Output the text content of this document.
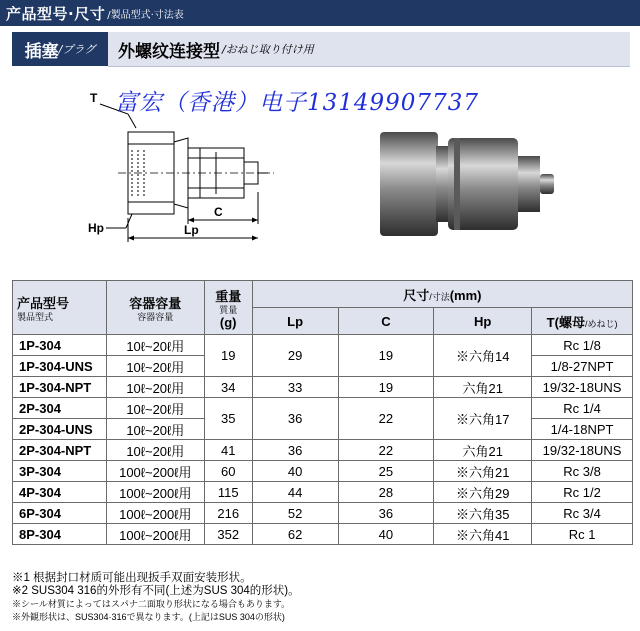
产品型号·尺寸 /製品型式·寸法表
插塞 /プラグ 外螺纹连接型 /おねじ取り付け用
T
C
Lp
Hp
富宏（香港）电子13149907737
产品型号
製品型式	容器容量
容器容量	重量
質量
(g)	尺寸/寸法(mm)			
			Lp	C	Hp	T(螺母/めねじ)
1P-304	10ℓ~20ℓ用	19	29	19	※六角14	Rc 1/8
1P-304-UNS	10ℓ~20ℓ用					1/8-27NPT
1P-304-NPT	10ℓ~20ℓ用	34	33	19	六角21	19/32-18UNS
2P-304	10ℓ~20ℓ用	35	36	22	※六角17	Rc 1/4
2P-304-UNS	10ℓ~20ℓ用					1/4-18NPT
2P-304-NPT	10ℓ~20ℓ用	41	36	22	六角21	19/32-18UNS
3P-304	100ℓ~200ℓ用	60	40	25	※六角21	Rc 3/8
4P-304	100ℓ~200ℓ用	115	44	28	※六角29	Rc 1/2
6P-304	100ℓ~200ℓ用	216	52	36	※六角35	Rc 3/4
8P-304	100ℓ~200ℓ用	352	62	40	※六角41	Rc 1
※1 根据封口材质可能出现扳手双面安装形状。
※2 SUS304 316的外形有不同(上述为SUS 304的形状)。
※シール材質によってはスパナ二面取り形状になる場合もあります。
※外観形状は、SUS304·316で異なります。(上記はSUS 304の形状)
